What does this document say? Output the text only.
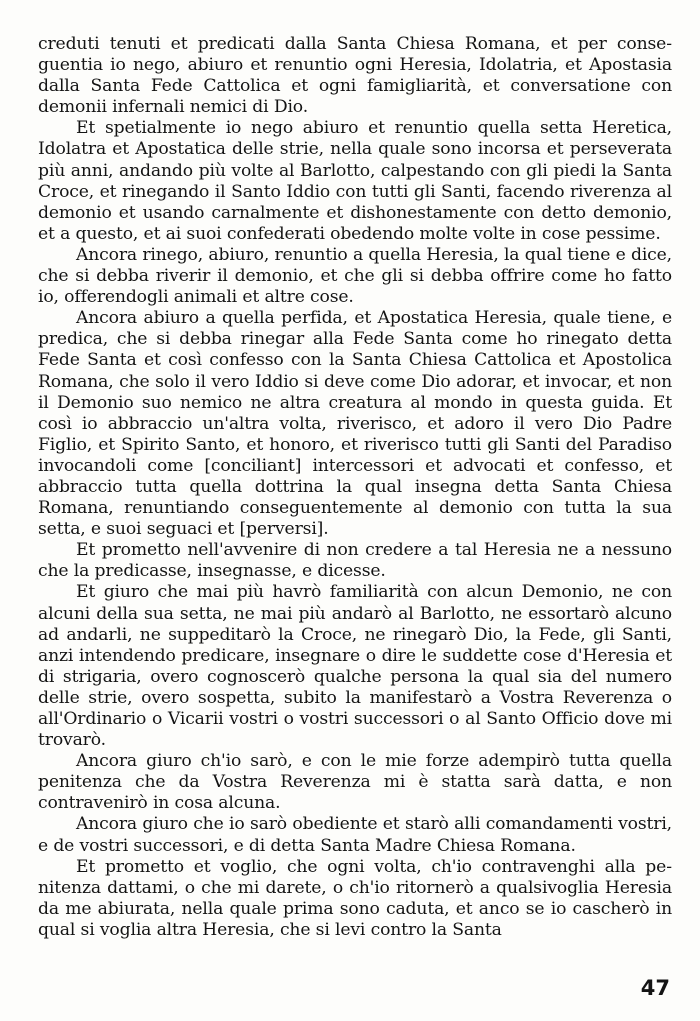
creduti tenuti et predicati dalla Santa Chiesa Romana, et per conseguentia io nego, abiuro et renuntio ogni Heresia, Idolatria, et Apostasia dalla Santa Fede Cattolica et ogni famigliarità, et conversatione con demonii infernali nemici di Dio.

Et spetialmente io nego abiuro et renuntio quella setta Heretica, Idolatra et Apostatica delle strie, nella quale sono incorsa et perseverata più anni, andando più volte al Barlotto, calpestando con gli piedi la Santa Croce, et rinegando il Santo Iddio con tutti gli Santi, facendo riverenza al demonio et usando carnalmente et dishonestamente con detto demonio, et a questo, et ai suoi confederati obedendo molte volte in cose pessime.

Ancora rinego, abiuro, renuntio a quella Heresia, la qual tiene e dice, che si debba riverir il demonio, et che gli si debba offrire come ho fatto io, offerendogli animali et altre cose.

Ancora abiuro a quella perfida, et Apostatica Heresia, quale tiene, e predica, che si debba rinegar alla Fede Santa come ho rinegato detta Fede Santa et così confesso con la Santa Chiesa Cattolica et Apostolica Romana, che solo il vero Iddio si deve come Dio adorar, et invocar, et non il Demonio suo nemico ne altra creatura al mondo in questa guida. Et così io abbraccio un'altra volta, riverisco, et adoro il vero Dio Padre Figlio, et Spirito Santo, et honoro, et riverisco tutti gli Santi del Paradiso invocandoli come [conciliant] intercessori et advocati et confesso, et abbraccio tutta quella dottrina la qual insegna detta Santa Chiesa Romana, renuntiando conseguentemente al demonio con tutta la sua setta, e suoi seguaci et [perversi].

Et prometto nell'avvenire di non credere a tal Heresia ne a nessuno che la predicasse, insegnasse, e dicesse.

Et giuro che mai più havrò familiarità con alcun Demonio, ne con alcuni della sua setta, ne mai più andarò al Barlotto, ne essortarò alcuno ad andarli, ne suppeditarò la Croce, ne rinegarò Dio, la Fede, gli Santi, anzi intendendo predicare, insegnare o dire le suddette cose d'Heresia et di strigaria, overo cognoscerò qualche persona la qual sia del numero delle strie, overo sospetta, subito la manifestarò a Vostra Reverenza o all'Ordinario o Vicarii vostri o vostri successori o al Santo Officio dove mi trovarò.

Ancora giuro ch'io sarò, e con le mie forze adempirò tutta quella penitenza che da Vostra Reverenza mi è statta sarà datta, e non contravenirò in cosa alcuna.

Ancora giuro che io sarò obediente et starò alli comandamenti vostri, e de vostri successori, e di detta Santa Madre Chiesa Romana.

Et prometto et voglio, che ogni volta, ch'io contravenghi alla penitenza dattami, o che mi darete, o ch'io ritornerò a qualsivoglia Heresia da me abiurata, nella quale prima sono caduta, et anco se io cascherò in qual si voglia altra Heresia, che si levi contro la Santa

47
